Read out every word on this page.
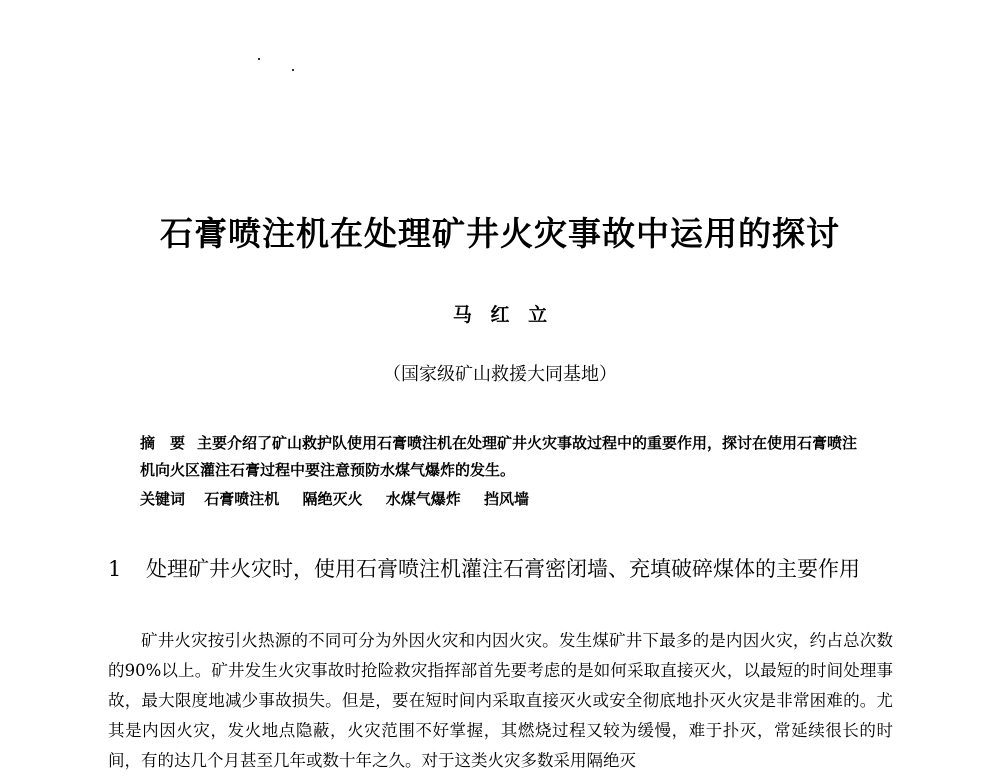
石膏喷注机在处理矿井火灾事故中运用的探讨
马 红 立
（国家级矿山救援大同基地）
摘　要 主要介绍了矿山救护队使用石膏喷注机在处理矿井火灾事故过程中的重要作用，探讨在使用石膏喷注机向火区灌注石膏过程中要注意预防水煤气爆炸的发生。
关键词 石膏喷注机 隔绝灭火 水煤气爆炸 挡风墙
1	处理矿井火灾时，使用石膏喷注机灌注石膏密闭墙、充填破碎煤体的主要作用
矿井火灾按引火热源的不同可分为外因火灾和内因火灾。发生煤矿井下最多的是内因火灾，约占总次数的90%以上。矿井发生火灾事故时抢险救灾指挥部首先要考虑的是如何采取直接灭火，以最短的时间处理事故，最大限度地减少事故损失。但是，要在短时间内采取直接灭火或安全彻底地扑灭火灾是非常困难的。尤其是内因火灾，发火地点隐蔽，火灾范围不好掌握，其燃烧过程又较为缓慢，难于扑灭，常延续很长的时间，有的达几个月甚至几年或数十年之久。对于这类火灾多数采用隔绝灭
